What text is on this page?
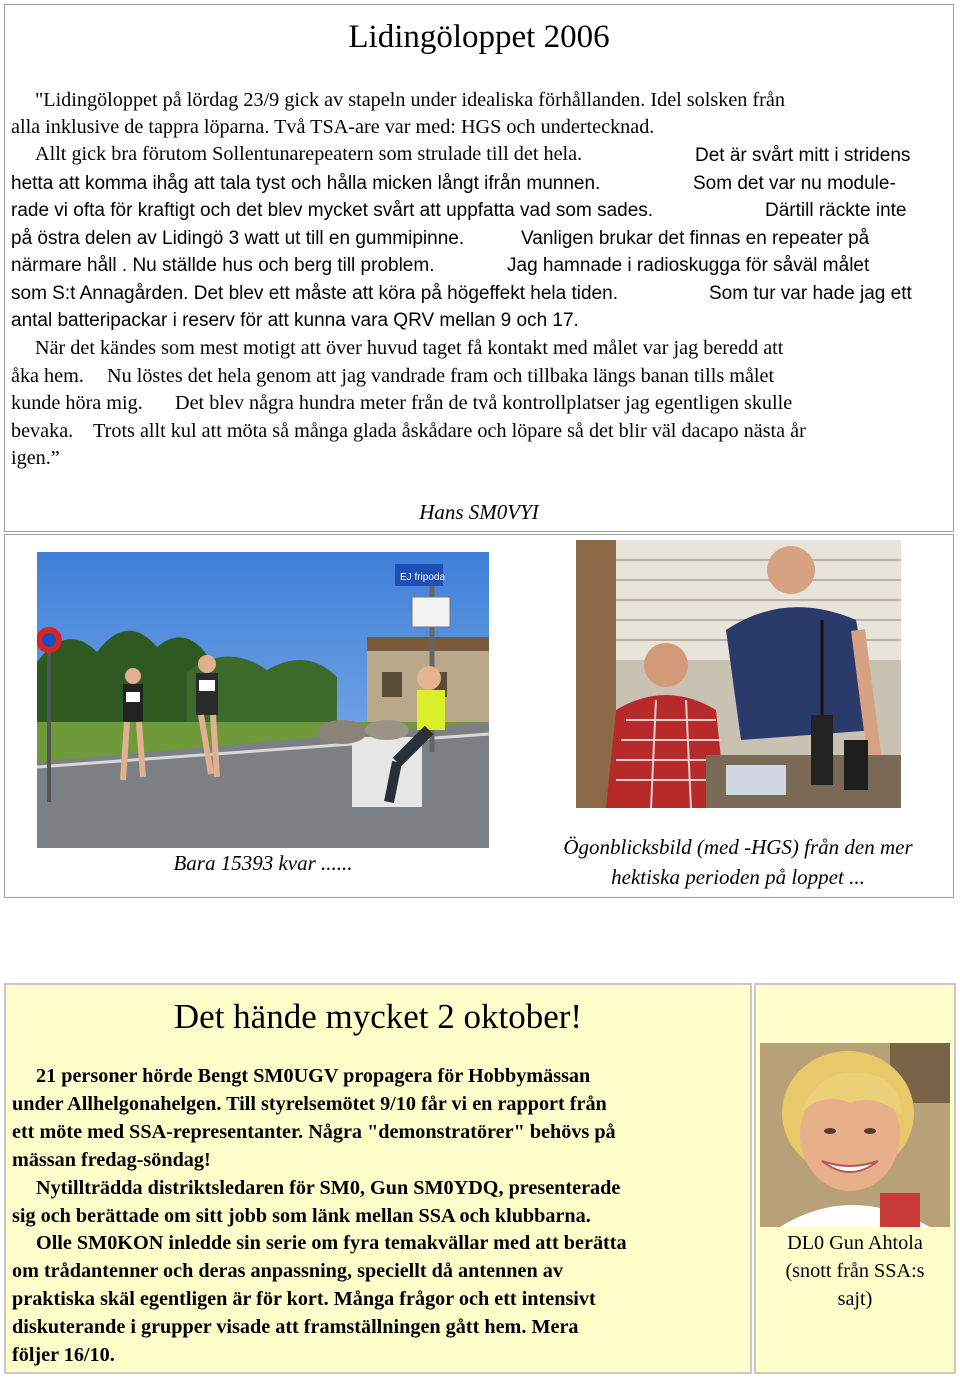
Lidingöloppet 2006
"Lidingöloppet på lördag 23/9 gick av stapeln under idealiska förhållanden. Idel solsken från
alla inklusive de tappra löparna. Två TSA-are var med: HGS och undertecknad.
Allt gick bra förutom Sollentunarepeatern som strulade till det hela.	Det är svårt mitt i stridens
hetta att komma ihåg att tala tyst och hålla micken långt ifrån munnen.	Som det var nu module-
rade vi ofta för kraftigt och det blev mycket svårt att uppfatta vad som sades.	Därtill räckte inte
på östra delen av Lidingö 3 watt ut till en gummipinne.	Vanligen brukar det finnas en repeater på
närmare håll . Nu ställde hus och berg till problem.	Jag hamnade i radioskugga för såväl målet
som S:t Annagården. Det blev ett måste att köra på högeffekt hela tiden.	Som tur var hade jag ett
antal batteripackar i reserv för att kunna vara QRV mellan 9 och 17.
När det kändes som mest motigt att över huvud taget få kontakt med målet var jag beredd att
åka hem. Nu löstes det hela genom att jag vandrade fram och tillbaka längs banan tills målet
kunde höra mig. Det blev några hundra meter från de två kontrollplatser jag egentligen skulle
bevaka. Trots allt kul att möta så många glada åskådare och löpare så det blir väl dacapo nästa år
igen.”
Hans SM0VYI
EJ fripoda
Bara 15393 kvar ......
Ögonblicksbild (med -HGS) från den mer
hektiska perioden på loppet ...
Det hände mycket 2 oktober!
21 personer hörde Bengt SM0UGV propagera för Hobbymässan
under Allhelgonahelgen. Till styrelsemötet 9/10 får vi en rapport från
ett möte med SSA-representanter. Några "demonstratörer" behövs på
mässan fredag-söndag!
Nytillträdda distriktsledaren för SM0, Gun SM0YDQ, presenterade
sig och berättade om sitt jobb som länk mellan SSA och klubbarna.
Olle SM0KON inledde sin serie om fyra temakvällar med att berätta
om trådantenner och deras anpassning, speciellt då antennen av
praktiska skäl egentligen är för kort. Många frågor och ett intensivt
diskuterande i grupper visade att framställningen gått hem. Mera
följer 16/10.
DL0 Gun Ahtola
(snott från SSA:s
sajt)
